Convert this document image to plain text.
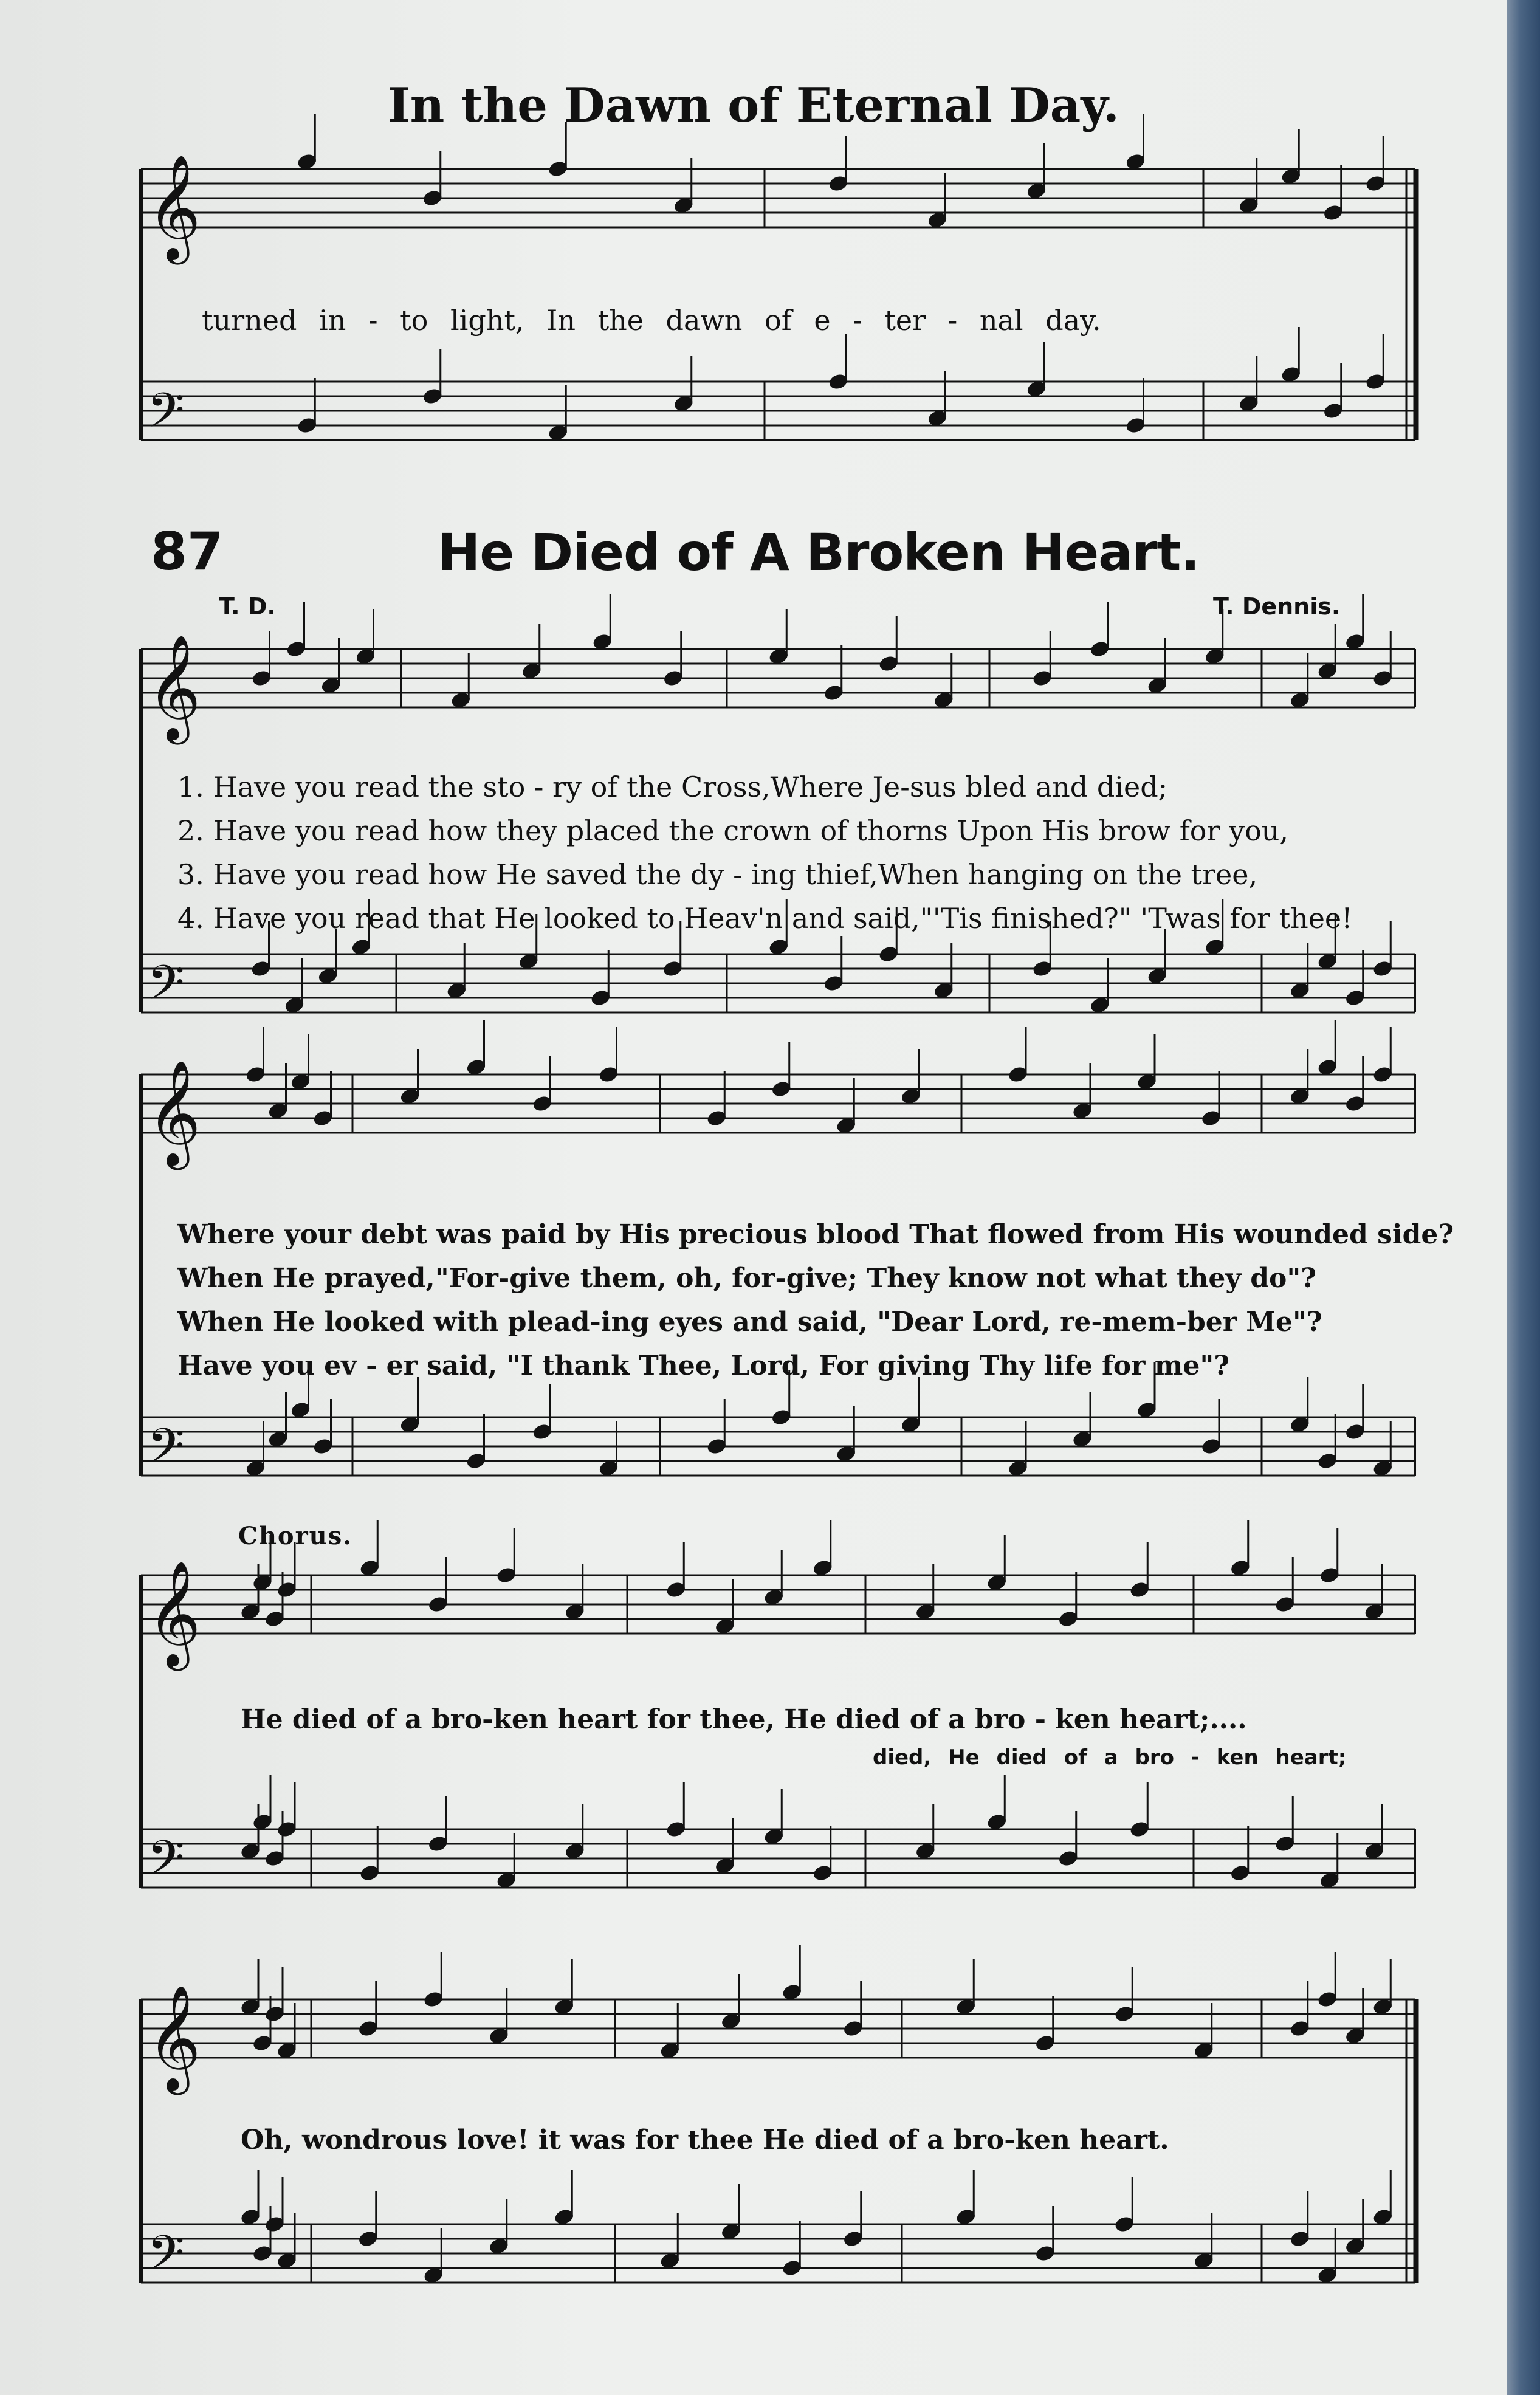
𝄞
𝄢
𝄞
𝄢
𝄞
𝄢
𝄞
𝄢
𝄞
𝄢
In the Dawn of Eternal Day.
turned in - to light, In the dawn of e - ter - nal day.
87	He Died of A Broken Heart.
T. D.	T. Dennis.
1. Have you read the sto - ry of the Cross,Where Je-sus bled and died;
2. Have you read how they placed the crown of thorns Upon His brow for you,
3. Have you read how He saved the dy - ing thief,When hanging on the tree,
4. Have you read that He looked to Heav'n and said,"'Tis finished?" 'Twas for thee!
Where your debt was paid by His precious blood That flowed from His wounded side?
When He prayed,"For-give them, oh, for-give; They know not what they do"?
When He looked with plead-ing eyes and said, "Dear Lord, re-mem-ber Me"?
Have you ev - er said, "I thank Thee, Lord, For giving Thy life for me"?
Chorus.
He died of a bro-ken heart for thee, He died of a bro - ken heart;....
died, He died of a bro - ken heart;
Oh, wondrous love! it was for thee He died of a bro-ken heart.
